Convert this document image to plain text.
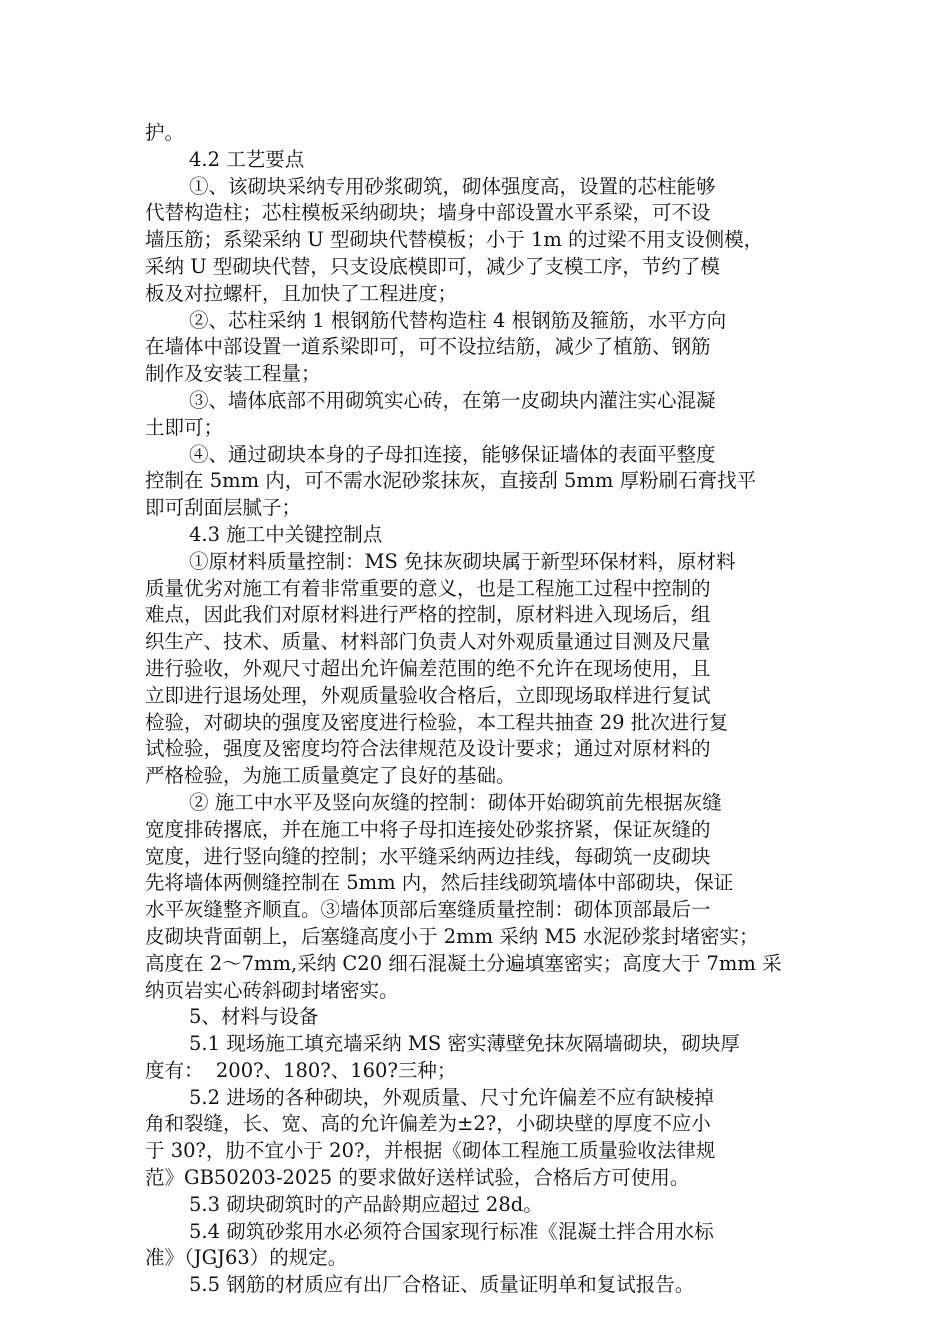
护。
4.2 工艺要点
①、该砌块采纳专用砂浆砌筑，砌体强度高，设置的芯柱能够
代替构造柱；芯柱模板采纳砌块；墙身中部设置水平系梁，可不设
墙压筋；系梁采纳 U 型砌块代替模板；小于 1m 的过梁不用支设侧模，
采纳 U 型砌块代替，只支设底模即可，减少了支模工序，节约了模
板及对拉螺杆，且加快了工程进度；
②、芯柱采纳 1 根钢筋代替构造柱 4 根钢筋及箍筋，水平方向
在墙体中部设置一道系梁即可，可不设拉结筋，减少了植筋、钢筋
制作及安装工程量；
③、墙体底部不用砌筑实心砖，在第一皮砌块内灌注实心混凝
土即可；
④、通过砌块本身的子母扣连接，能够保证墙体的表面平整度
控制在 5mm 内，可不需水泥砂浆抹灰，直接刮 5mm 厚粉刷石膏找平
即可刮面层腻子；
4.3 施工中关键控制点
①原材料质量控制：MS 免抹灰砌块属于新型环保材料，原材料
质量优劣对施工有着非常重要的意义，也是工程施工过程中控制的
难点，因此我们对原材料进行严格的控制，原材料进入现场后，组
织生产、技术、质量、材料部门负责人对外观质量通过目测及尺量
进行验收，外观尺寸超出允许偏差范围的绝不允许在现场使用，且
立即进行退场处理，外观质量验收合格后，立即现场取样进行复试
检验，对砌块的强度及密度进行检验，本工程共抽查 29 批次进行复
试检验，强度及密度均符合法律规范及设计要求；通过对原材料的
严格检验，为施工质量奠定了良好的基础。
② 施工中水平及竖向灰缝的控制：砌体开始砌筑前先根据灰缝
宽度排砖撂底，并在施工中将子母扣连接处砂浆挤紧，保证灰缝的
宽度，进行竖向缝的控制；水平缝采纳两边挂线，每砌筑一皮砌块
先将墙体两侧缝控制在 5mm 内，然后挂线砌筑墙体中部砌块，保证
水平灰缝整齐顺直。③墙体顶部后塞缝质量控制：砌体顶部最后一
皮砌块背面朝上，后塞缝高度小于 2mm 采纳 M5 水泥砂浆封堵密实；
高度在 2～7mm,采纳 C20 细石混凝土分遍填塞密实；高度大于 7mm 采
纳页岩实心砖斜砌封堵密实。
5、材料与设备
5.1 现场施工填充墙采纳 MS 密实薄壁免抹灰隔墙砌块，砌块厚
度有：  200?、180?、160?三种；
5.2 进场的各种砌块，外观质量、尺寸允许偏差不应有缺棱掉
角和裂缝，长、宽、高的允许偏差为±2?，小砌块壁的厚度不应小
于 30?，肋不宜小于 20?，并根据《砌体工程施工质量验收法律规
范》GB50203-2025 的要求做好送样试验，合格后方可使用。
5.3 砌块砌筑时的产品龄期应超过 28d。
5.4 砌筑砂浆用水必须符合国家现行标准《混凝土拌合用水标
准》（JGJ63）的规定。
5.5 钢筋的材质应有出厂合格证、质量证明单和复试报告。
